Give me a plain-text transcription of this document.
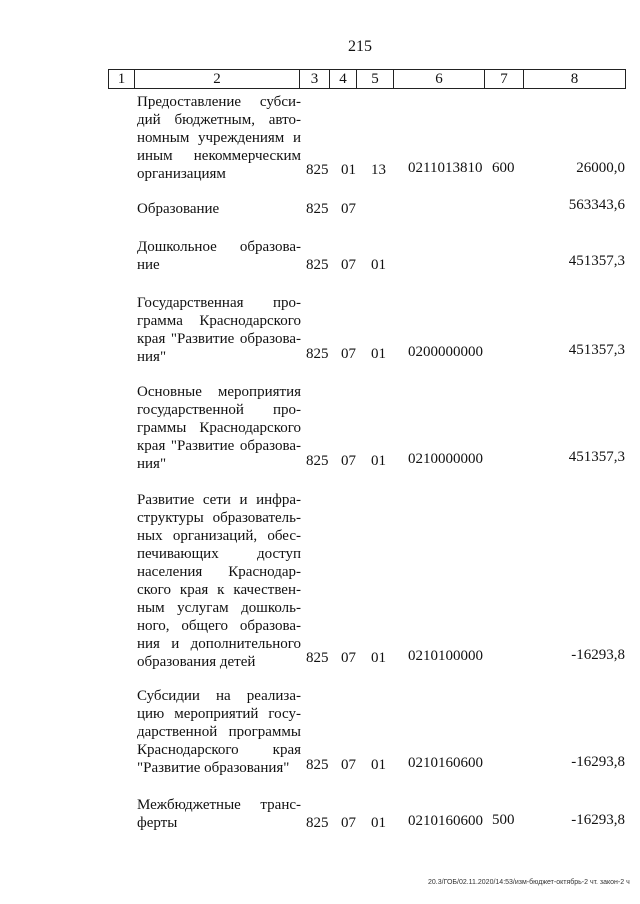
215
1	2	3	4	5	6	7	8
Предоставление субси-
дий бюджетным, авто-
номным учреждениям и
иным некоммерческим
организациям	825 01 13 0211013810 600	26000,0
Образование	825 07	563343,6
Дошкольное образова-
ние	825 07 01	451357,3
Государственная про-
грамма Краснодарского
края "Развитие образова-
ния"	825 07 01 0200000000	451357,3
Основные мероприятия
государственной про-
граммы Краснодарского
края "Развитие образова-
ния"	825 07 01 0210000000	451357,3
Развитие сети и инфра-
структуры образователь-
ных организаций, обес-
печивающих доступ
населения Краснодар-
ского края к качествен-
ным услугам дошколь-
ного, общего образова-
ния и дополнительного
образования детей	825 07 01 0210100000	-16293,8
Субсидии на реализа-
цию мероприятий госу-
дарственной программы
Краснодарского края
"Развитие образования"	825 07 01 0210160600	-16293,8
Межбюджетные транс-
ферты	825 07 01 0210160600 500	-16293,8
20.3/ГОБ/02.11.2020/14:53/изм-бюджет-октябрь-2 чт. закон-2 ч
